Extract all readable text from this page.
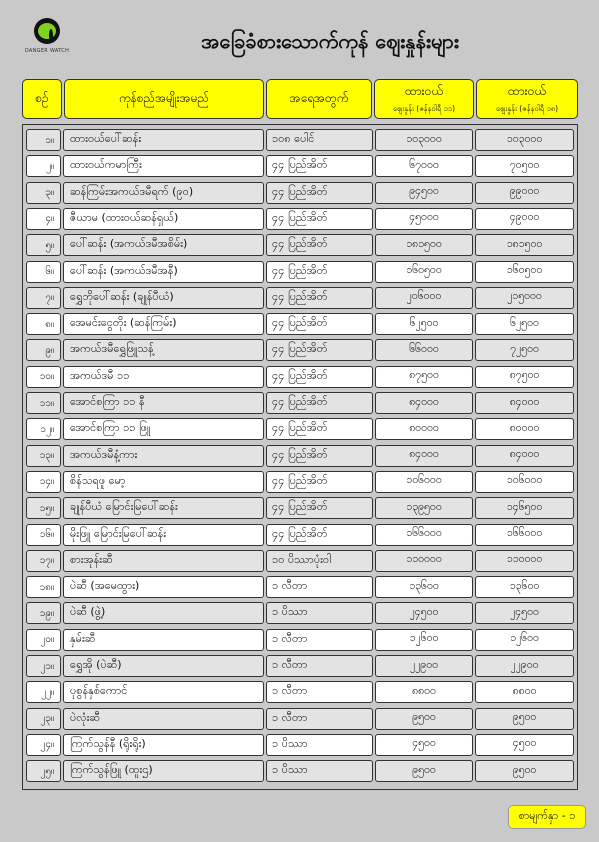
DANGER WATCH	အခြေခံစားသောက်ကုန် ဈေးနှုန်းများ
စဉ်	ကုန်စည်အမျိုးအမည်	အရေအတွက်	ထားဝယ်
ဈေးနှုန်း (ဇန်နဝါရီ ၁၁)
ထားဝယ်
ဈေးနှုန်း (ဇန်နဝါရီ ၁၈)
၁။	ထားဝယ်ပေါ်ဆန်း	၁၀၈ ပေါင်	၁၀၃၀၀၀	၁၀၃၀၀၀
၂။	ထားဝယ်ကမာကြီး	၄၄ ပြည်အိတ်	၆၇၀၀၀	၇၀၅၀၀
၃။	ဆန်ကြမ်းအကယ်ဒမီရက် (၉၀)	၄၄ ပြည်အိတ်	၉၄၅၀၀	၉၉၀၀၀
၄။	ဇီယာမ (ထားဝယ်ဆန်ရှယ်)	၄၄ ပြည်အိတ်	၄၅၀၀၀	၄၉၀၀၀
၅။	ပေါ်ဆန်း (အကယ်ဒမီအစိမ်း)	၄၄ ပြည်အိတ်	၁၈၁၅၀၀	၁၈၁၅၀၀
၆။	ပေါ်ဆန်း (အကယ်ဒမီအနီ)	၄၄ ပြည်အိတ်	၁၆၀၅၀၀	၁၆၀၅၀၀
၇။	ရွှေဘိုပေါ်ဆန်း (ချုန်ပီယံ)	၄၄ ပြည်အိတ်	၂၀၆၀၀၀	၂၁၅၀၀၀
၈။	အေမင်းငွေတိုး (ဆန်ကြမ်း)	၄၄ ပြည်အိတ်	၆၂၅၀၀	၆၂၅၀၀
၉။	အကယ်ဒမီရွှေဖြူသန့်	၄၄ ပြည်အိတ်	၆၆၀၀၀	၇၂၅၀၀
၁၀။	အကယ်ဒမီ ၁၁	၄၄ ပြည်အိတ်	၈၇၅၀၀	၈၇၅၀၀
၁၁။	အောင်စကြာ ၁၁ နီ	၄၄ ပြည်အိတ်	၈၄၀၀၀	၈၄၀၀၀
၁၂။	အောင်စကြာ ၁၁ ဖြူ	၄၄ ပြည်အိတ်	၈၀၀၀၀	၈၀၀၀၀
၁၃။	အကယ်ဒမီနံ့ကား	၄၄ ပြည်အိတ်	၈၄၀၀၀	၈၄၀၀၀
၁၄။	စိန်သရဖူ မော့	၄၄ ပြည်အိတ်	၁၀၆၀၀၀	၁၀၆၀၀၀
၁၅။	ချုန်ပီယံ မြောင်းမြပေါ်ဆန်း	၄၄ ပြည်အိတ်	၁၃၉၅၀၀	၁၄၆၅၀၀
၁၆။	မိုးဖြူ မြောင်းမြပေါ်ဆန်း	၄၄ ပြည်အိတ်	၁၆၆၀၀၀	၁၆၆၀၀၀
၁၇။	စားအုန်းဆီ	၁၀ ပိဿာပုံးဝါ	၁၁၀၀၀၀	၁၁၀၀၀၀
၁၈။	ပဲဆီ (အမေထွား)	၁ လီတာ	၁၃၆၀၀	၁၃၆၀၀
၁၉။	ပဲဆီ (ဖွဲ့)	၁ ပိဿာ	၂၄၅၀၀	၂၄၅၀၀
၂၀။	နှမ်းဆီ	၁ လီတာ	၁၂၆၀၀	၁၂၆၀၀
၂၁။	ရွှေအို (ပဲဆီ)	၁ လီတာ	၂၂၉၀၀	၂၂၉၀၀
၂၂။	ပုစွန်နှစ်ကောင်	၁ လီတာ	၈၈၀၀	၈၈၀၀
၂၃။	ပဲလုံးဆီ	၁ လီတာ	၉၅၀၀	၉၅၀၀
၂၄။	ကြက်သွန်နီ (ရိုးရိုး)	၁ ပိဿာ	၄၅၀၀	၄၅၀၀
၂၅။	ကြက်သွန်ဖြူ (ထူးဌ)	၁ ပိဿာ	၉၅၀၀	၉၅၀၀
စာမျက်နှာ - ၁
